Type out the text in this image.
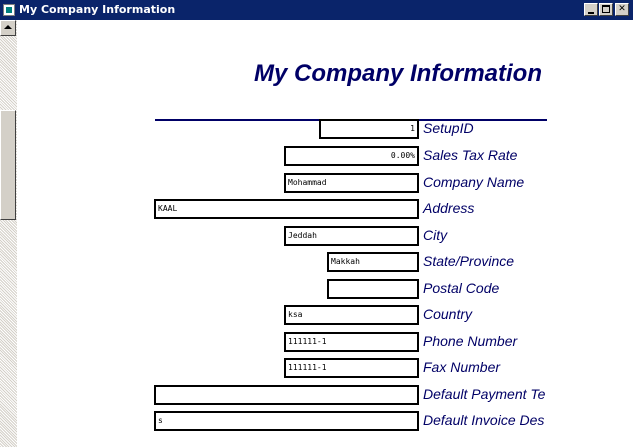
My Company Information	✕
My Company Information
1 SetupID
0.00% Sales Tax Rate
Mohammad	Company Name
KAAL	Address
Jeddah	City
Makkah	State/Province
Postal Code
ksa	Country
111111-1	Phone Number
111111-1	Fax Number
Default Payment Te
s	Default Invoice Des
